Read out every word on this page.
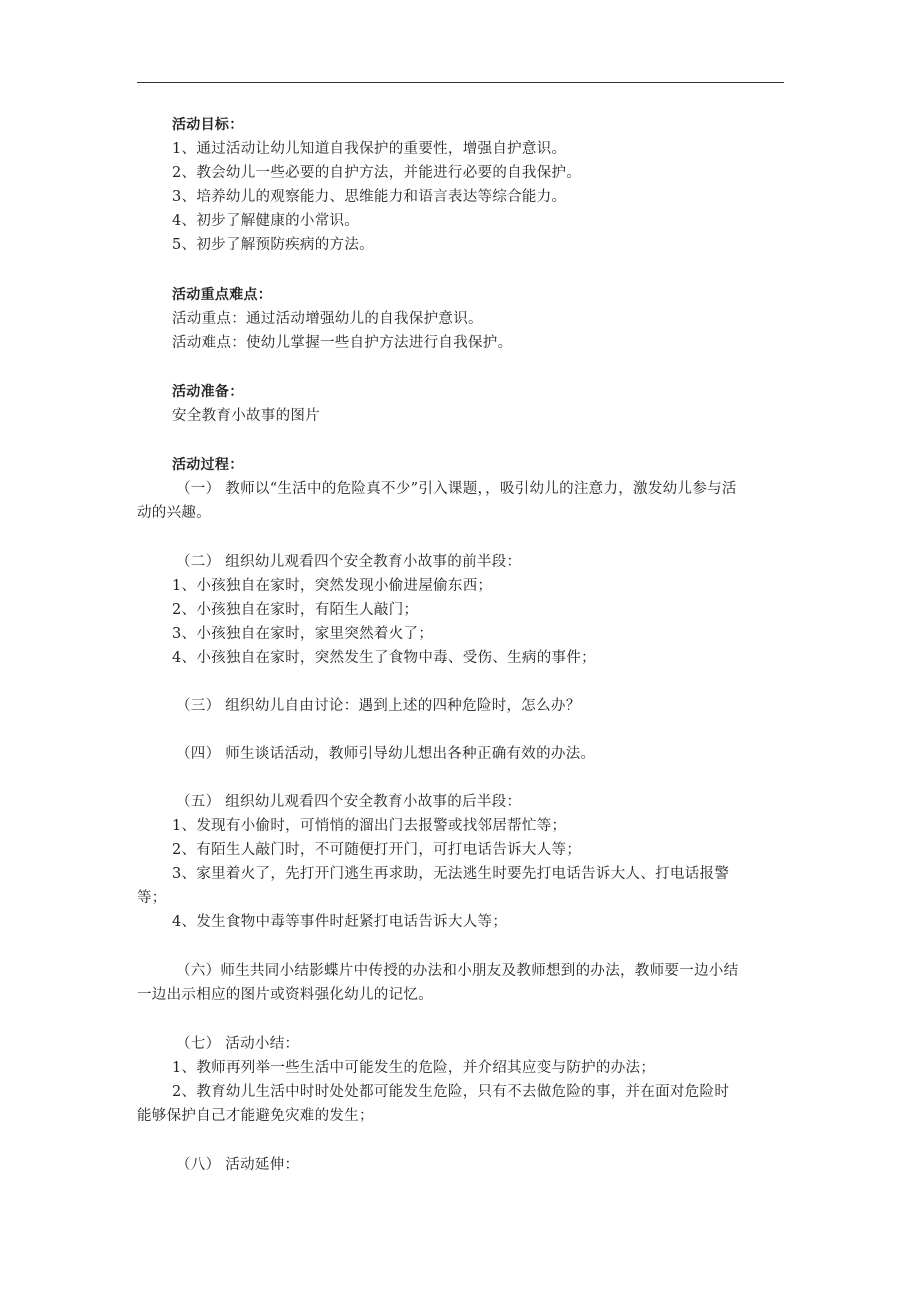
活动目标：
1、通过活动让幼儿知道自我保护的重要性，增强自护意识。
2、教会幼儿一些必要的自护方法，并能进行必要的自我保护。
3、培养幼儿的观察能力、思维能力和语言表达等综合能力。
4、初步了解健康的小常识。
5、初步了解预防疾病的方法。
活动重点难点：
活动重点：通过活动增强幼儿的自我保护意识。
活动难点：使幼儿掌握一些自护方法进行自我保护。
活动准备：
安全教育小故事的图片
活动过程：
（一） 教师以“生活中的危险真不少”引入课题，，吸引幼儿的注意力，激发幼儿参与活
动的兴趣。
（二） 组织幼儿观看四个安全教育小故事的前半段：
1、小孩独自在家时，突然发现小偷进屋偷东西；
2、小孩独自在家时，有陌生人敲门；
3、小孩独自在家时，家里突然着火了；
4、小孩独自在家时，突然发生了食物中毒、受伤、生病的事件；
（三） 组织幼儿自由讨论：遇到上述的四种危险时，怎么办？
（四） 师生谈话活动，教师引导幼儿想出各种正确有效的办法。
（五） 组织幼儿观看四个安全教育小故事的后半段：
1、发现有小偷时，可悄悄的溜出门去报警或找邻居帮忙等；
2、有陌生人敲门时，不可随便打开门，可打电话告诉大人等；
3、家里着火了，先打开门逃生再求助，无法逃生时要先打电话告诉大人、打电话报警
等；
4、发生食物中毒等事件时赶紧打电话告诉大人等；
（六）师生共同小结影蝶片中传授的办法和小朋友及教师想到的办法，教师要一边小结
一边出示相应的图片或资料强化幼儿的记忆。
（七） 活动小结：
1、教师再列举一些生活中可能发生的危险，并介绍其应变与防护的办法；
2、教育幼儿生活中时时处处都可能发生危险，只有不去做危险的事，并在面对危险时
能够保护自己才能避免灾难的发生；
（八） 活动延伸：
